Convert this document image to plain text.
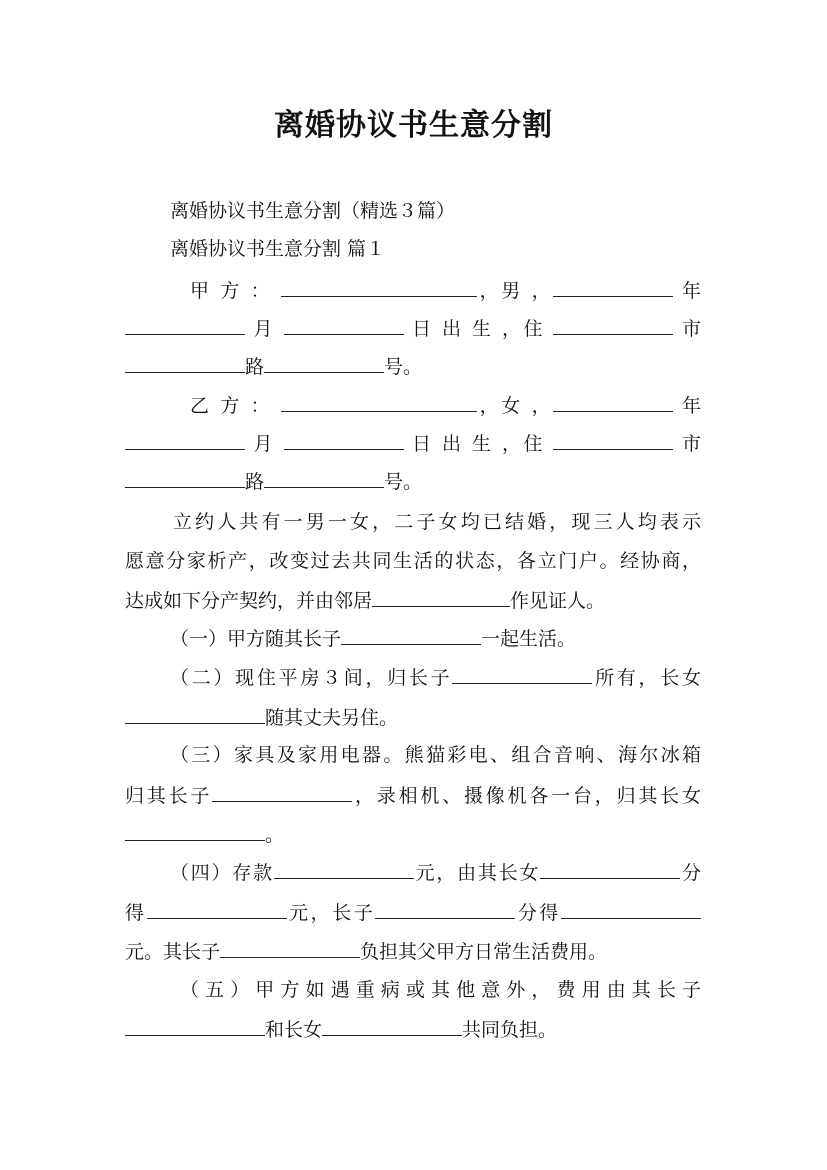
离婚协议书生意分割
离婚协议书生意分割（精选３篇）
离婚协议书生意分割 篇１
甲 方 ：	，男 ，	年
月	日 出 生 ，住	市
路	号。
乙 方 ：	，女 ，	年
月	日 出 生 ，住	市
路	号。
立约人共有一男一女，二子女均已结婚，现三人均表示
愿意分家析产，改变过去共同生活的状态，各立门户。经协商，
达成如下分产契约，并由邻居	作见证人。
（一）甲方随其长子	一起生活。
（二）现住平房３间，归长子	所有，长女
随其丈夫另住。
（三）家具及家用电器。熊猫彩电、组合音响、海尔冰箱
归其长子	，录相机、摄像机各一台，归其长女
。
（四）存款	元，由其长女	分
得	元，长子	分得
元。其长子	负担其父甲方日常生活费用。
（五）甲方如遇重病或其他意外，费用由其长子
和长女	共同负担。
